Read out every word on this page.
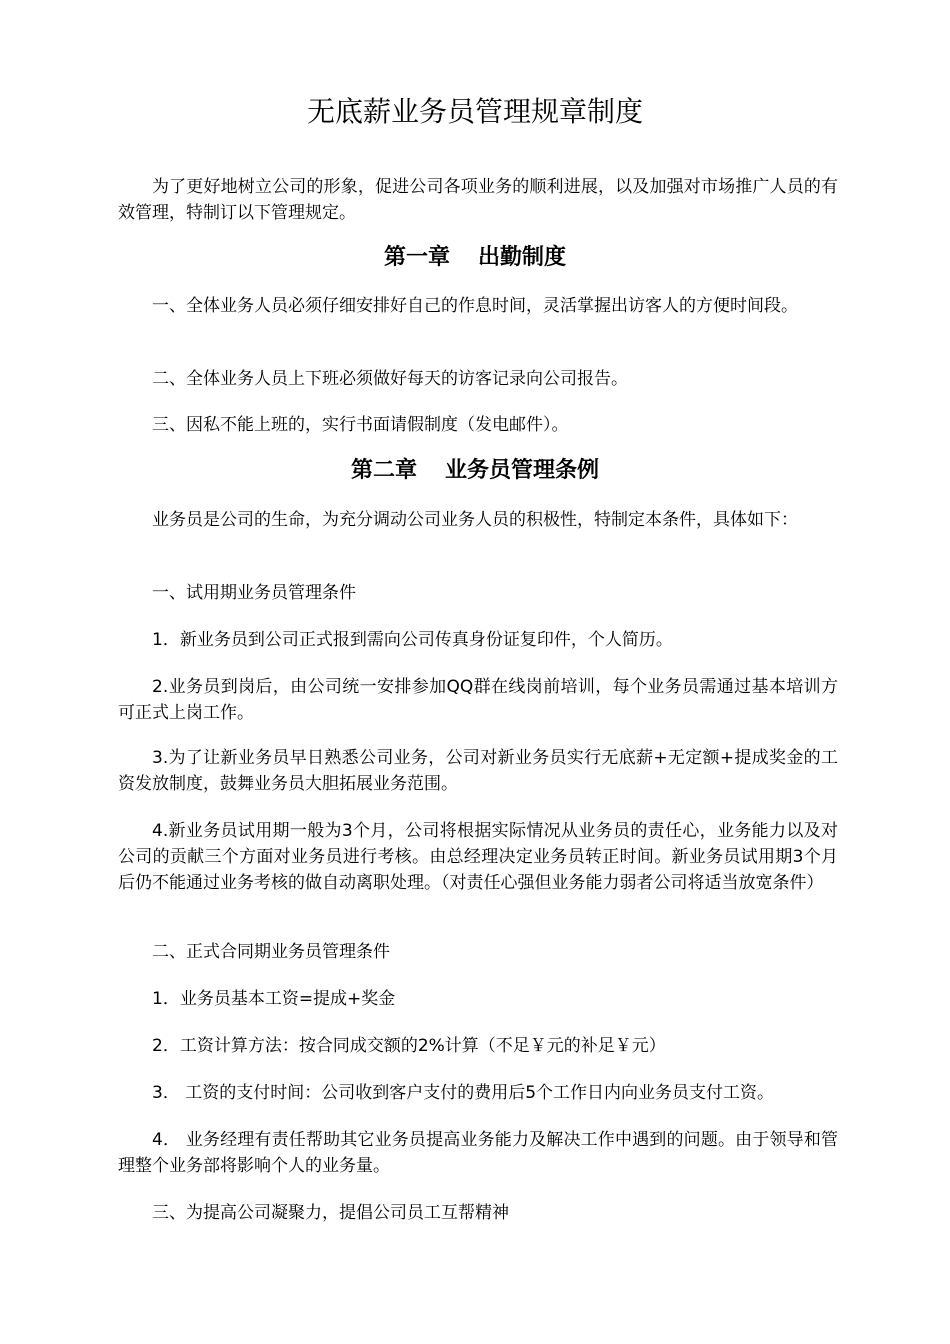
无底薪业务员管理规章制度
为了更好地树立公司的形象，促进公司各项业务的顺利进展，以及加强对市场推广人员的有效管理，特制订以下管理规定。
第一章 出勤制度
一、全体业务人员必须仔细安排好自己的作息时间，灵活掌握出访客人的方便时间段。
二、全体业务人员上下班必须做好每天的访客记录向公司报告。
三、因私不能上班的，实行书面请假制度（发电邮件）。
第二章 业务员管理条例
业务员是公司的生命，为充分调动公司业务人员的积极性，特制定本条件，具体如下：
一、试用期业务员管理条件
1．新业务员到公司正式报到需向公司传真身份证复印件，个人简历。
2.业务员到岗后，由公司统一安排参加QQ群在线岗前培训，每个业务员需通过基本培训方可正式上岗工作。
3.为了让新业务员早日熟悉公司业务，公司对新业务员实行无底薪+无定额+提成奖金的工资发放制度，鼓舞业务员大胆拓展业务范围。
4.新业务员试用期一般为3个月，公司将根据实际情况从业务员的责任心，业务能力以及对公司的贡献三个方面对业务员进行考核。由总经理决定业务员转正时间。新业务员试用期3个月后仍不能通过业务考核的做自动离职处理。（对责任心强但业务能力弱者公司将适当放宽条件）
二、正式合同期业务员管理条件
1．业务员基本工资=提成+奖金
2．工资计算方法：按合同成交额的2%计算（不足￥元的补足￥元）
3． 工资的支付时间：公司收到客户支付的费用后5个工作日内向业务员支付工资。
4． 业务经理有责任帮助其它业务员提高业务能力及解决工作中遇到的问题。由于领导和管理整个业务部将影响个人的业务量。
三、为提高公司凝聚力，提倡公司员工互帮精神
